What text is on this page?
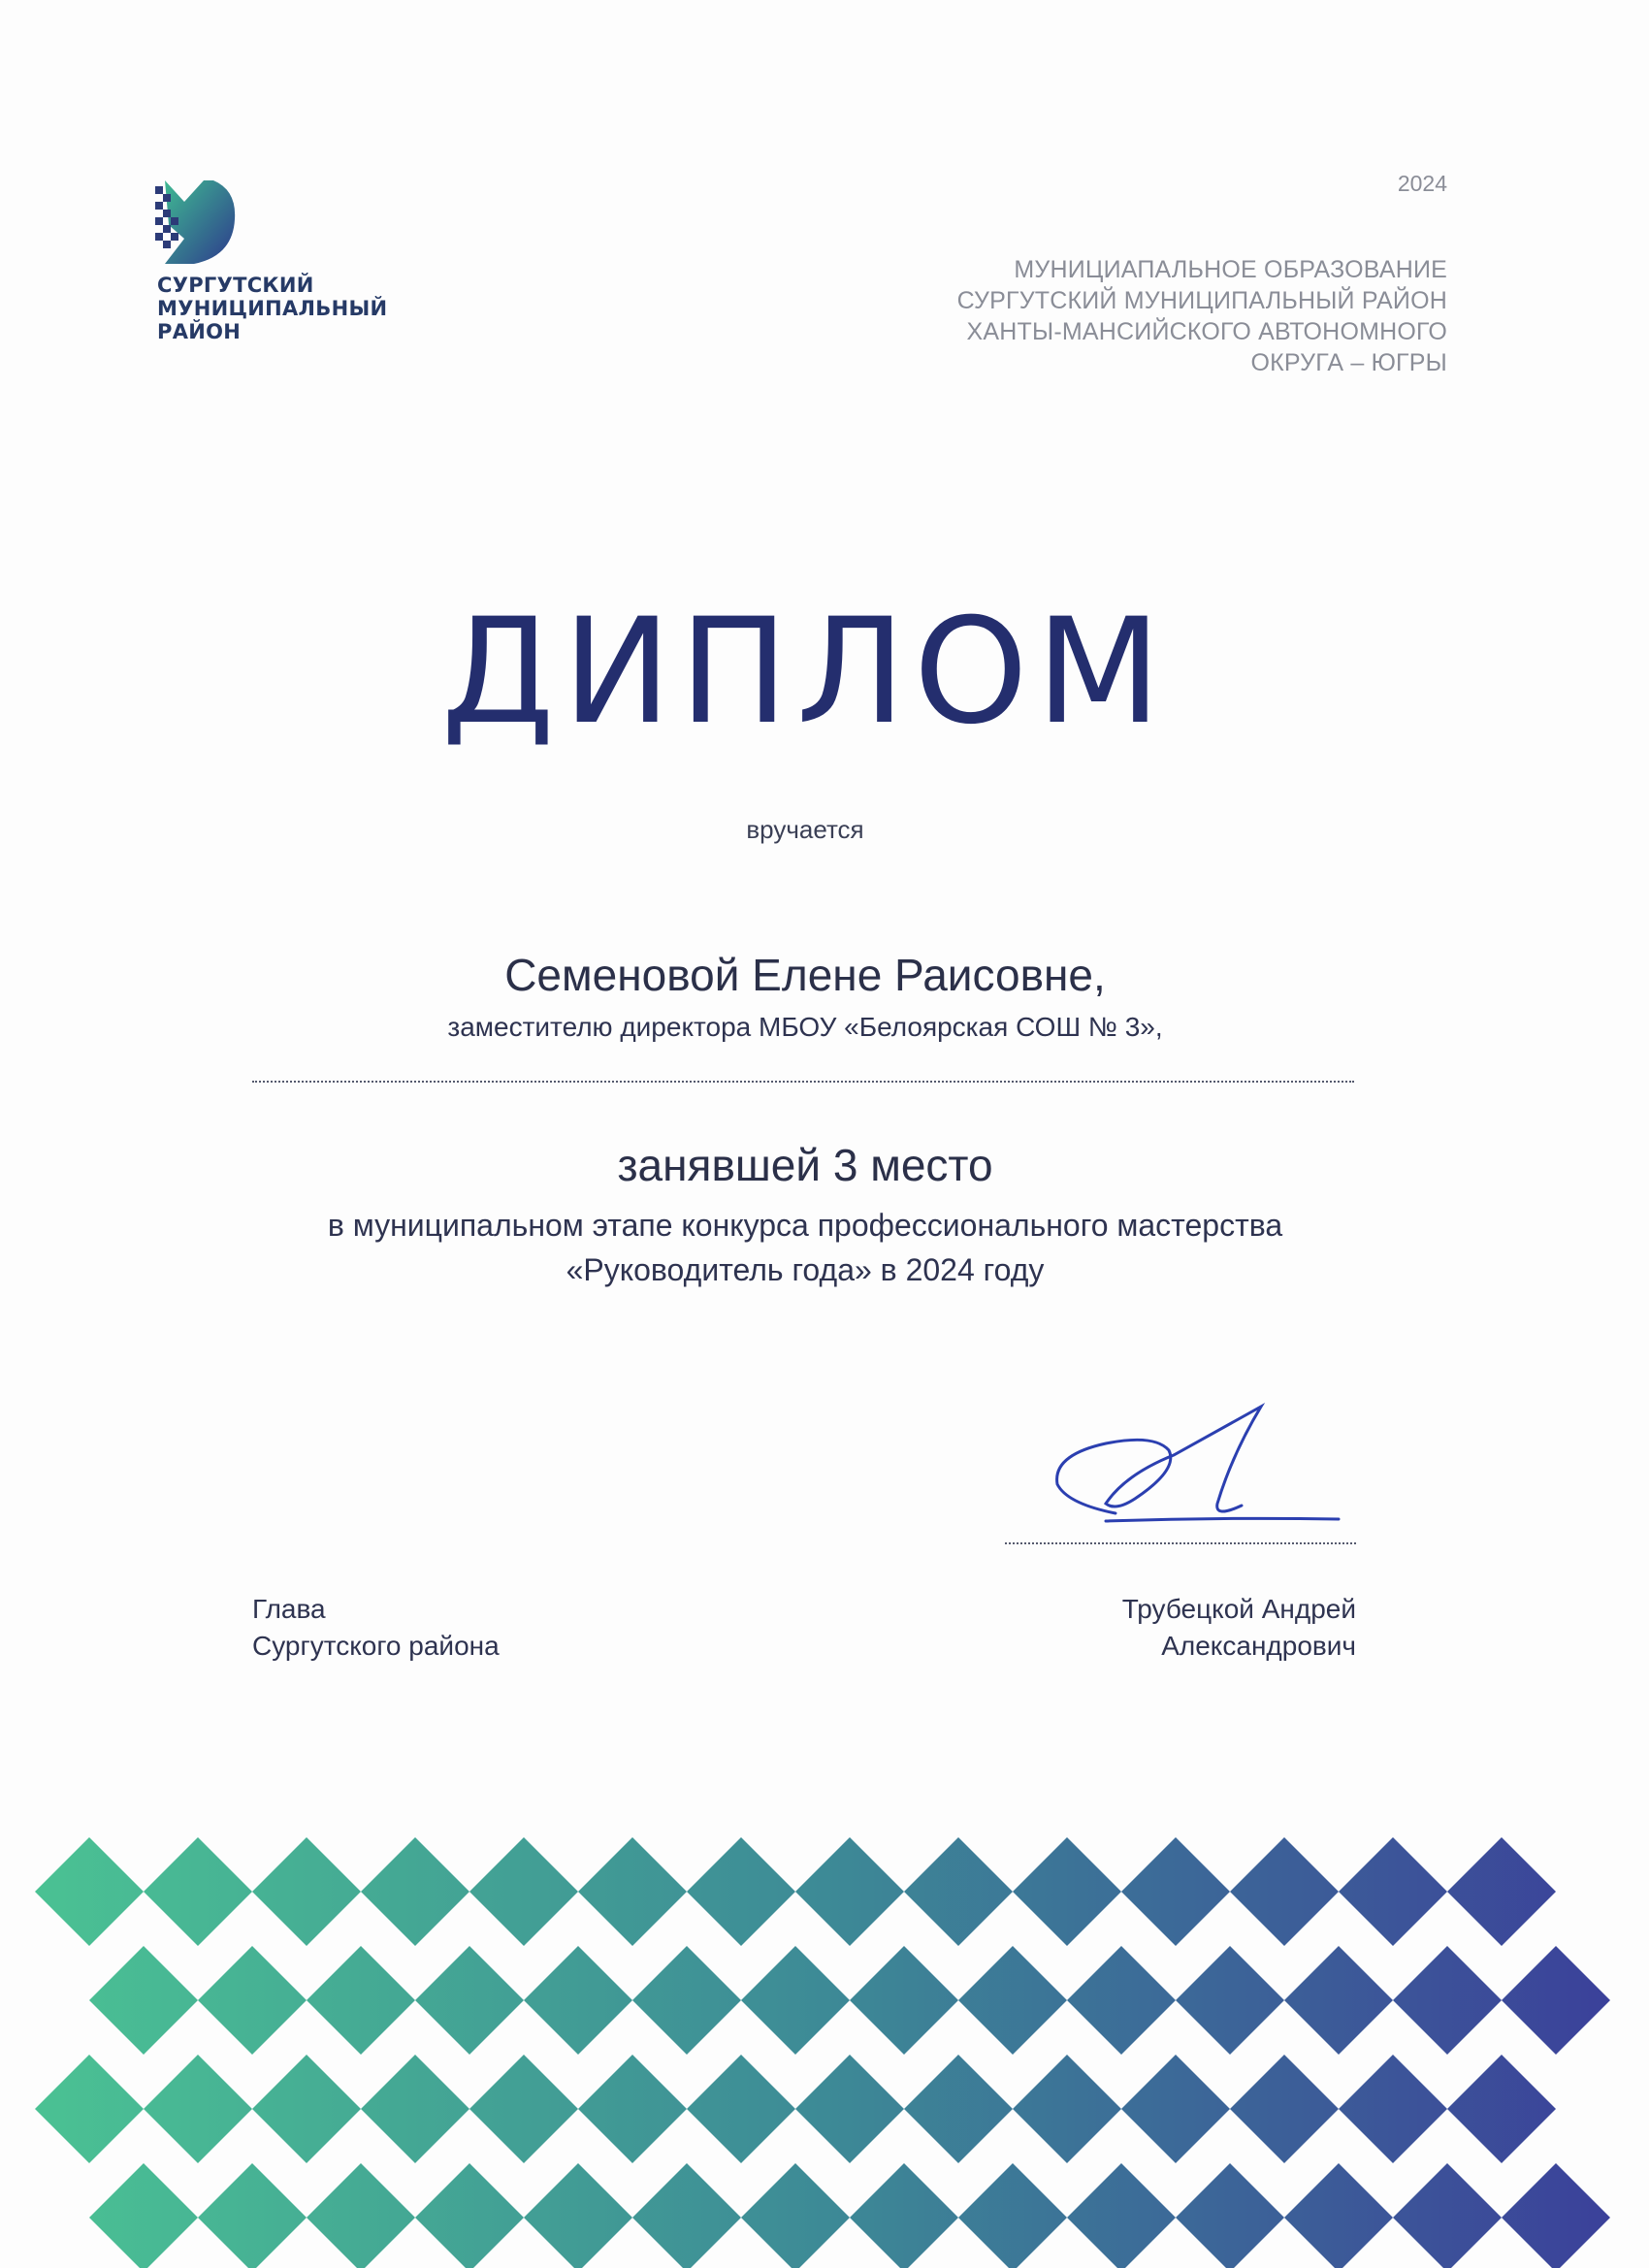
СУРГУТСКИЙ
МУНИЦИПАЛЬНЫЙ
РАЙОН
2024
МУНИЦИАПАЛЬНОЕ ОБРАЗОВАНИЕ
СУРГУТСКИЙ МУНИЦИПАЛЬНЫЙ РАЙОН
ХАНТЫ-МАНСИЙСКОГО АВТОНОМНОГО
ОКРУГА – ЮГРЫ
ДИПЛОМ
вручается
Семеновой Елене Раисовне,
заместителю директора МБОУ «Белоярская СОШ № 3»,
занявшей 3 место
в муниципальном этапе конкурса профессионального мастерства
«Руководитель года» в 2024 году
Глава
Сургутского района
Трубецкой Андрей
Александрович
